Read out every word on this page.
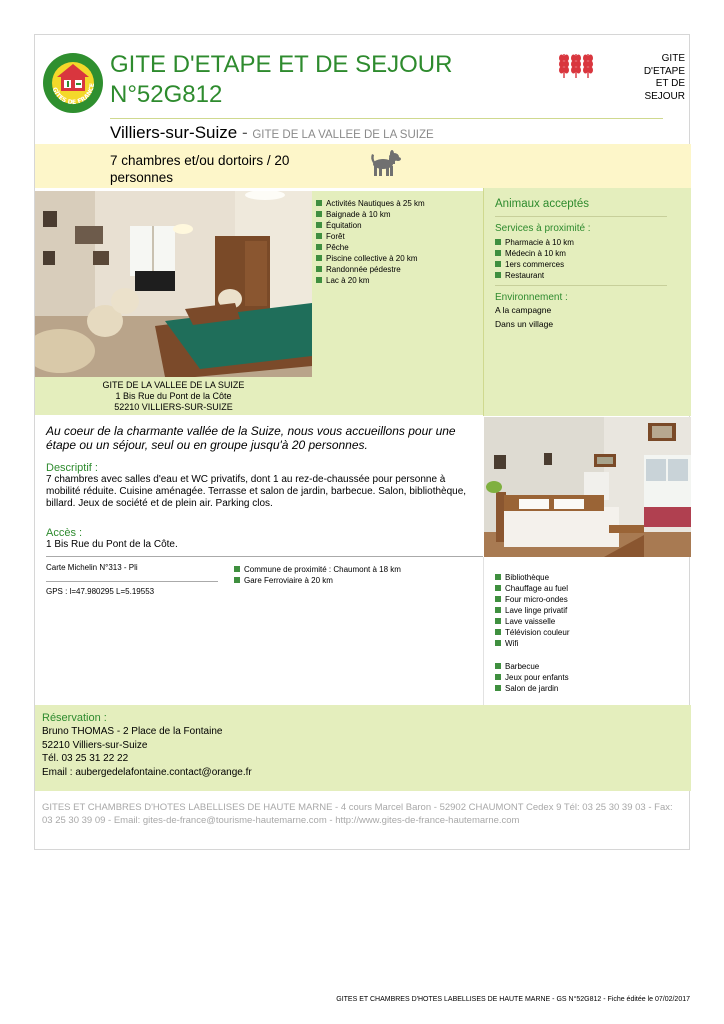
GÎTES DE FRANCE
GITE D'ETAPE ET DE SEJOUR N°52G812
GITE
D'ETAPE
ET DE
SEJOUR
Villiers-sur-Suize - GITE DE LA VALLEE DE LA SUIZE
7 chambres et/ou dortoirs / 20 personnes
GITE DE LA VALLEE DE LA SUIZE
1 Bis Rue du Pont de la Côte
52210 VILLIERS-SUR-SUIZE
Activités Nautiques à 25 km
Baignade à 10 km
Équitation
Forêt
Pêche
Piscine collective à 20 km
Randonnée pédestre
Lac à 20 km
Animaux acceptés
Services à proximité :
Pharmacie à 10 km
Médecin à 10 km
1ers commerces
Restaurant
Environnement :
A la campagne
Dans un village
Au coeur de la charmante vallée de la Suize, nous vous accueillons pour une étape ou un séjour, seul ou en groupe jusqu'à 20 personnes.
Descriptif :
7 chambres avec salles d'eau et WC privatifs, dont 1 au rez-de-chaussée pour personne à mobilité réduite. Cuisine aménagée. Terrasse et salon de jardin, barbecue. Salon, bibliothèque, billard. Jeux de société et de plein air. Parking clos.
Accès :
1 Bis Rue du Pont de la Côte.
Carte Michelin N°313 - Pli
GPS : l=47.980295 L=5.19553
Commune de proximité : Chaumont à 18 km
Gare Ferroviaire à 20 km	Bibliothèque
Chauffage au fuel
Four micro-ondes
Lave linge privatif
Lave vaisselle
Télévision couleur
Wifi
Barbecue
Jeux pour enfants
Salon de jardin
Réservation :
Bruno THOMAS - 2 Place de la Fontaine
52210 Villiers-sur-Suize
Tél. 03 25 31 22 22
Email : aubergedelafontaine.contact@orange.fr
GITES ET CHAMBRES D'HOTES LABELLISES DE HAUTE MARNE - 4 cours Marcel Baron - 52902 CHAUMONT Cedex 9 Tél: 03 25 30 39 03 - Fax: 03 25 30 39 09 - Email: gites-de-france@tourisme-hautemarne.com - http://www.gites-de-france-hautemarne.com
GITES ET CHAMBRES D'HOTES LABELLISES DE HAUTE MARNE - GS N°52G812 - Fiche éditée le 07/02/2017
